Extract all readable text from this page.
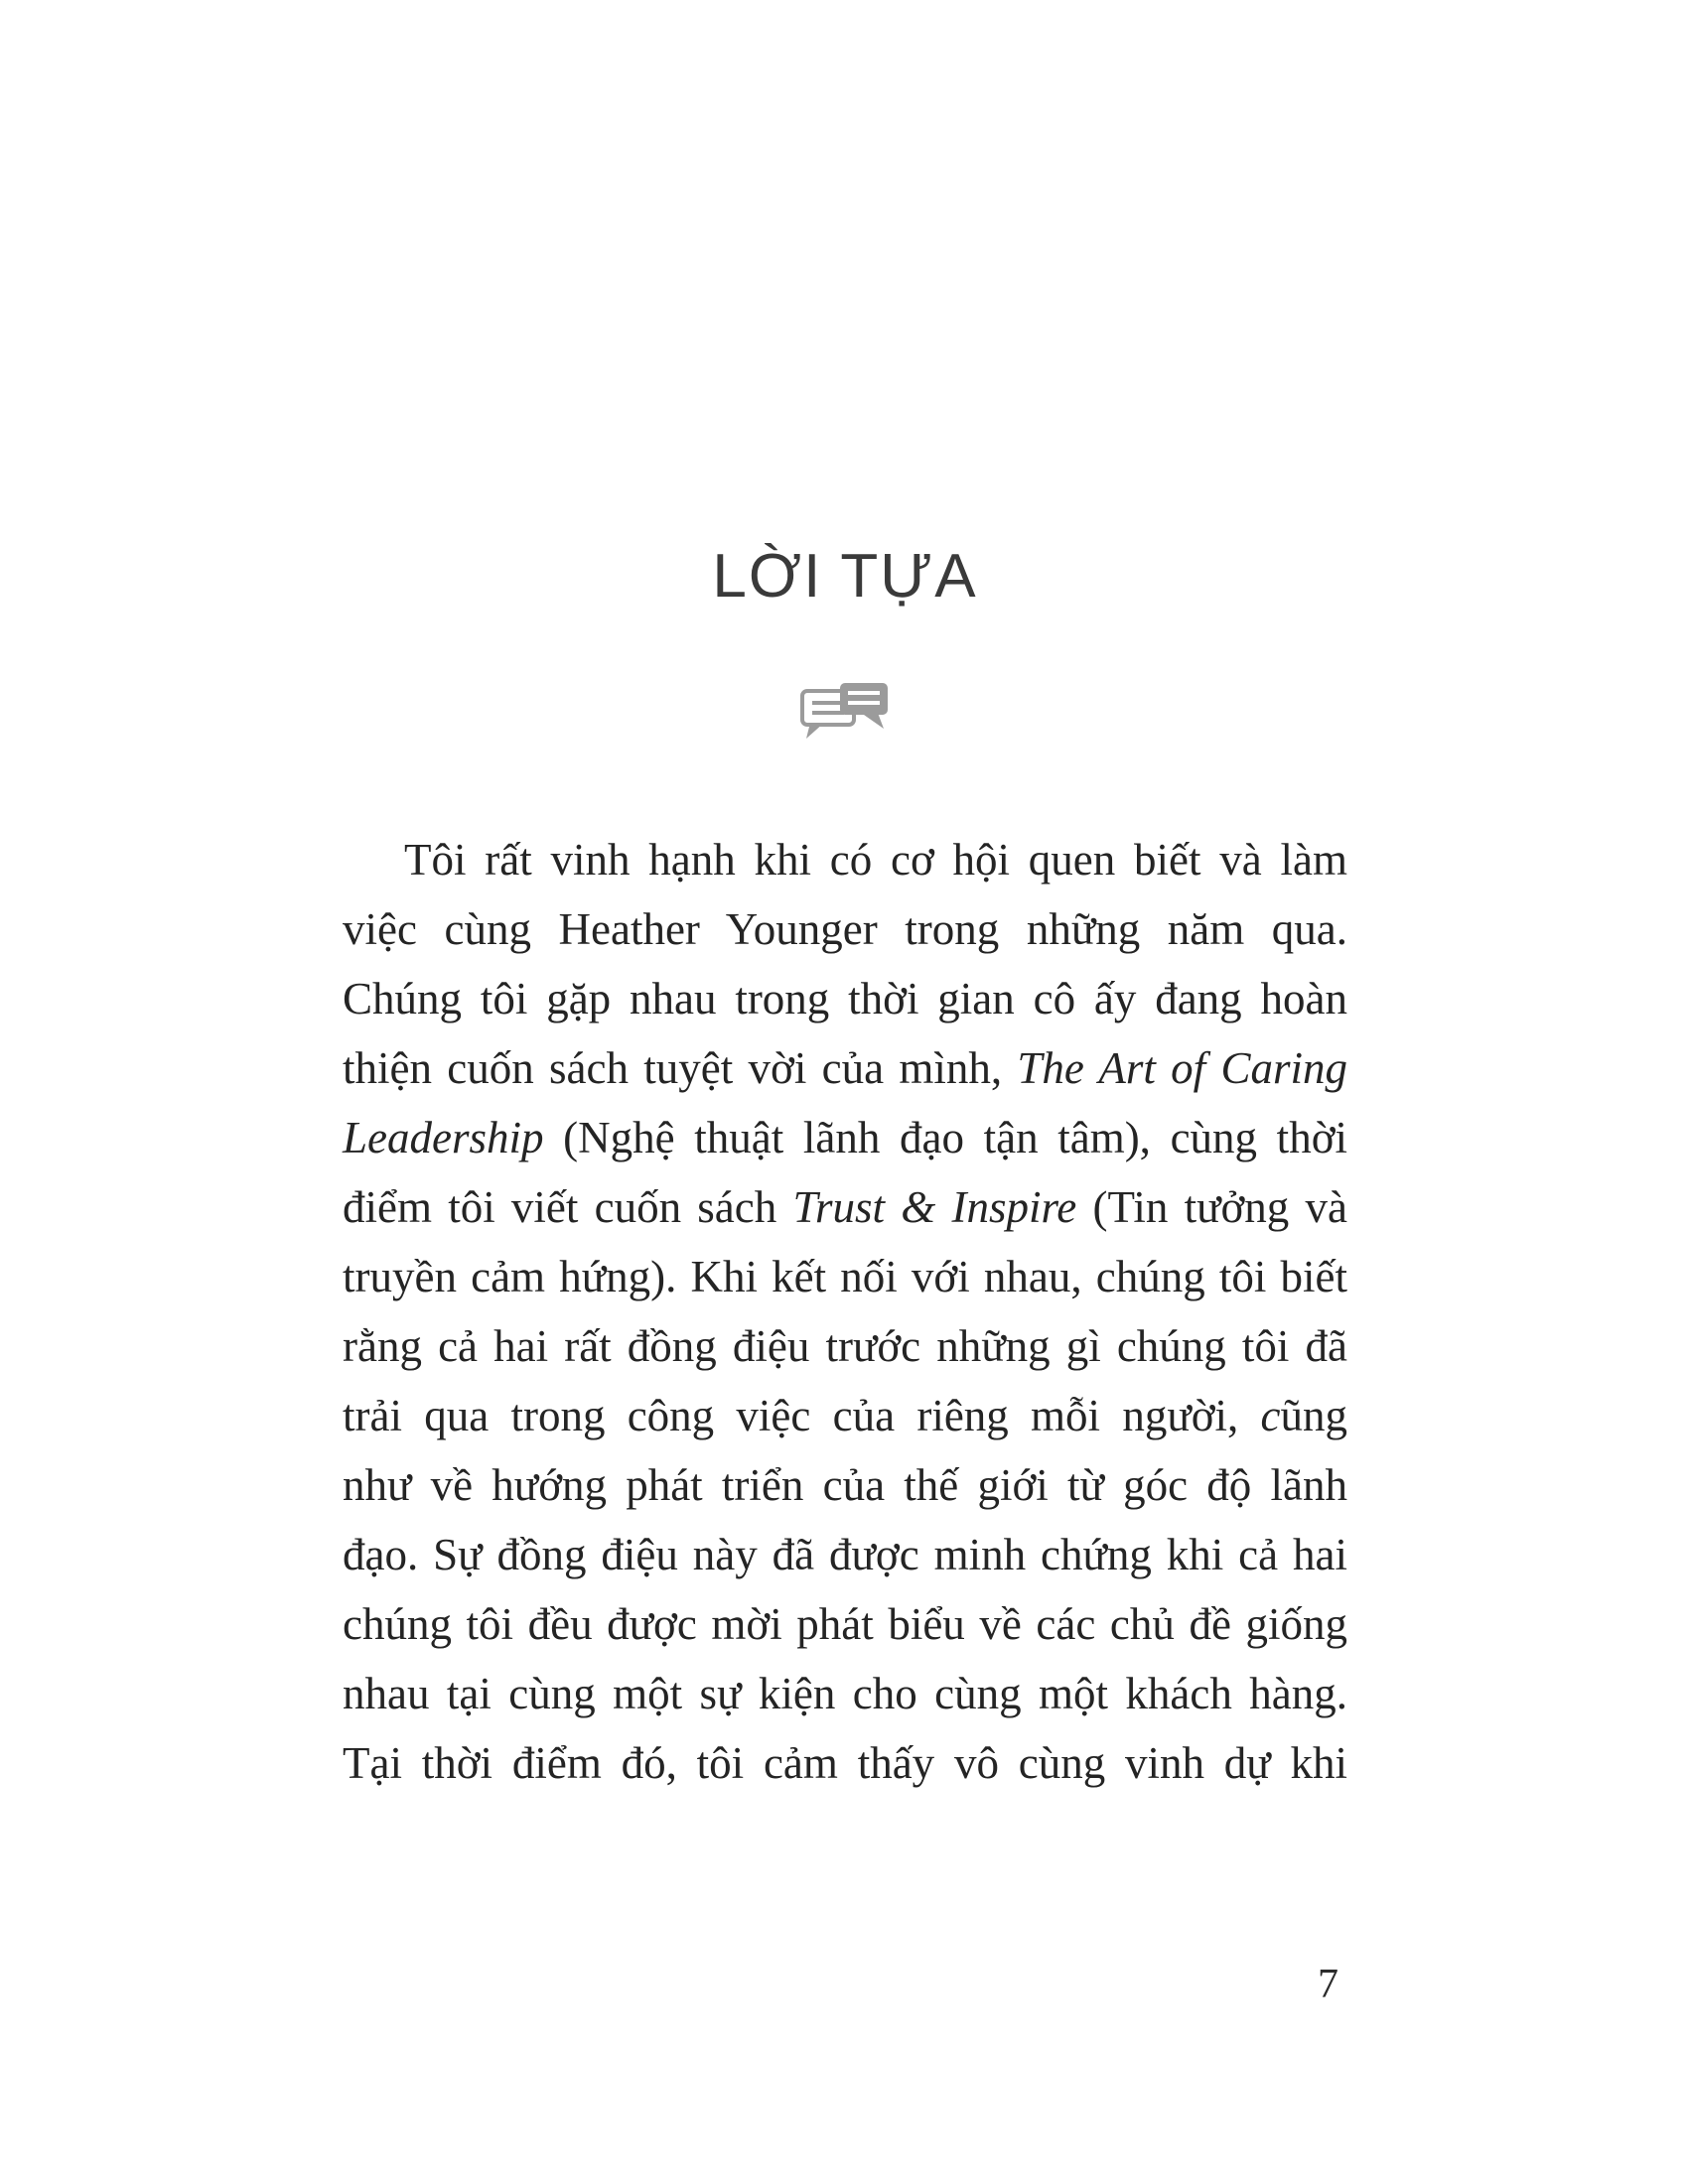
LỜI TỰA

Tôi rất vinh hạnh khi có cơ hội quen biết và làm việc cùng Heather Younger trong những năm qua. Chúng tôi gặp nhau trong thời gian cô ấy đang hoàn thiện cuốn sách tuyệt vời của mình, The Art of Caring Leadership (Nghệ thuật lãnh đạo tận tâm), cùng thời điểm tôi viết cuốn sách Trust & Inspire (Tin tưởng và truyền cảm hứng). Khi kết nối với nhau, chúng tôi biết rằng cả hai rất đồng điệu trước những gì chúng tôi đã trải qua trong công việc của riêng mỗi người, cũng như về hướng phát triển của thế giới từ góc độ lãnh đạo. Sự đồng điệu này đã được minh chứng khi cả hai chúng tôi đều được mời phát biểu về các chủ đề giống nhau tại cùng một sự kiện cho cùng một khách hàng. Tại thời điểm đó, tôi cảm thấy vô cùng vinh dự khi

7
